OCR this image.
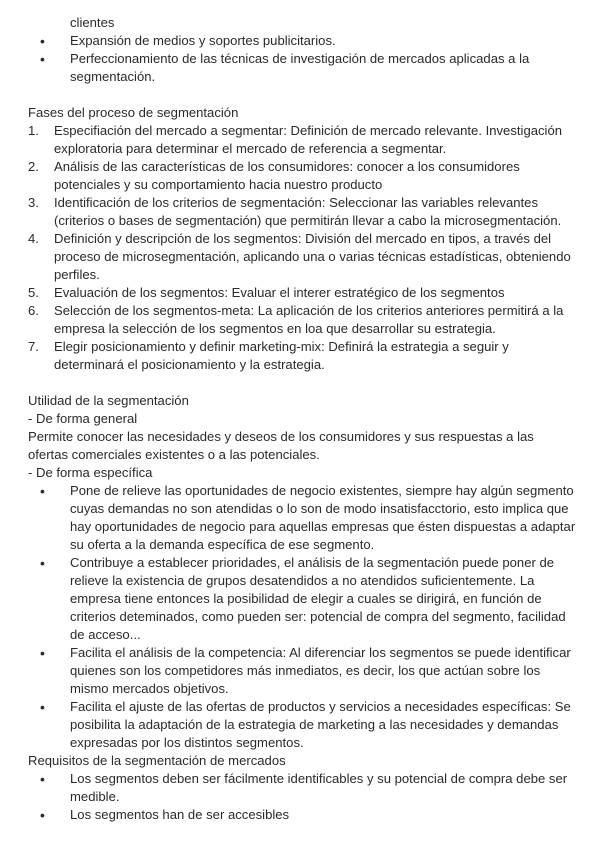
clientes
• Expansión de medios y soportes publicitarios.
• Perfeccionamiento de las técnicas de investigación de mercados aplicadas a la segmentación.

Fases del proceso de segmentación

1. Especifiación del mercado a segmentar: Definición de mercado relevante. Investigación exploratoria para determinar el mercado de referencia a segmentar.
2. Análisis de las características de los consumidores: conocer a los consumidores potenciales y su comportamiento hacia nuestro producto
3. Identificación de los criterios de segmentación: Seleccionar las variables relevantes (criterios o bases de segmentación) que permitirán llevar a cabo la microsegmentación.
4. Definición y descripción de los segmentos: División del mercado en tipos, a través del proceso de microsegmentación, aplicando una o varias técnicas estadísticas, obteniendo perfiles.
5. Evaluación de los segmentos: Evaluar el interer estratégico de los segmentos
6. Selección de los segmentos-meta: La aplicación de los criterios anteriores permitirá a la empresa la selección de los segmentos en loa que desarrollar su estrategia.
7. Elegir posicionamiento y definir marketing-mix: Definirá la estrategia a seguir y determinará el posicionamiento y la estrategia.

Utilidad de la segmentación

- De forma general

Permite conocer las necesidades y deseos de los consumidores y sus respuestas a las ofertas comerciales existentes o a las potenciales.

- De forma específica

• Pone de relieve las oportunidades de negocio existentes, siempre hay algún segmento cuyas demandas no son atendidas o lo son de modo insatisfacctorio, esto implica que hay oportunidades de negocio para aquellas empresas que ésten dispuestas a adaptar su oferta a la demanda específica de ese segmento.
• Contribuye a establecer prioridades, el análisis de la segmentación puede poner de relieve la existencia de grupos desatendidos a no atendidos suficientemente. La empresa tiene entonces la posibilidad de elegir a cuales se dirigirá, en función de criterios deteminados, como pueden ser: potencial de compra del segmento, facilidad de acceso...
• Facilita el análisis de la competencia: Al diferenciar los segmentos se puede identificar quienes son los competidores más inmediatos, es decir, los que actúan sobre los mismo mercados objetivos.
• Facilita el ajuste de las ofertas de productos y servicios a necesidades específicas: Se posibilita la adaptación de la estrategia de marketing a las necesidades y demandas expresadas por los distintos segmentos.

Requisitos de la segmentación de mercados

• Los segmentos deben ser fácilmente identificables y su potencial de compra debe ser medible.
• Los segmentos han de ser accesibles
